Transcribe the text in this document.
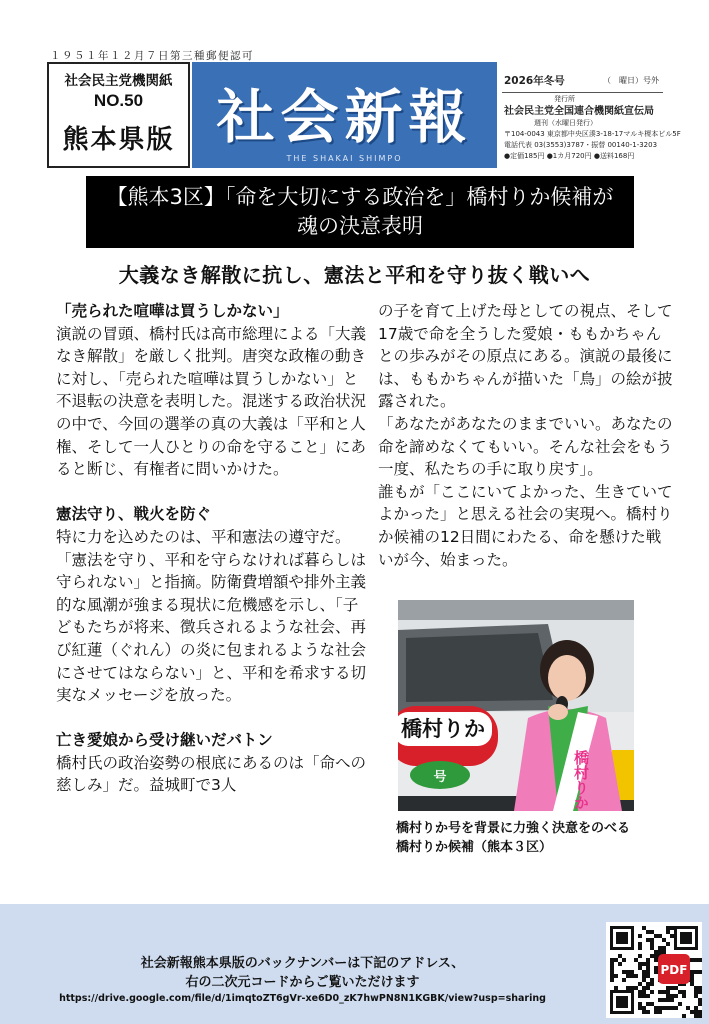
１９５１年１２月７日第三種郵便認可
社会民主党機関紙
NO.50
熊本県版 社会新報
THE SHAKAI SHIMPO
2026年冬号	（　曜日）号外
発行所
社会民主党全国連合機関紙宣伝局
週刊（水曜日発行）
〒104-0043 東京都中央区湊3-18-17マルキ榎本ビル5F
電話代表 03(3553)3787・振替 00140-1-3203
●定価185円 ●1カ月720円 ●送料168円
【熊本3区】「命を大切にする政治を」橋村りか候補が
魂の決意表明
大義なき解散に抗し、憲法と平和を守り抜く戦いへ
「売られた喧嘩は買うしかない」

演説の冒頭、橋村氏は高市総理による「大義なき解散」を厳しく批判。唐突な政権の動きに対し、「売られた喧嘩は買うしかない」と不退転の決意を表明した。混迷する政治状況の中で、今回の選挙の真の大義は「平和と人権、そして一人ひとりの命を守ること」にあると断じ、有権者に問いかけた。

憲法守り、戦火を防ぐ

特に力を込めたのは、平和憲法の遵守だ。「憲法を守り、平和を守らなければ暮らしは守られない」と指摘。防衛費増額や排外主義的な風潮が強まる現状に危機感を示し、「子どもたちが将来、徴兵されるような社会、再び紅蓮（ぐれん）の炎に包まれるような社会にさせてはならない」と、平和を希求する切実なメッセージを放った。

亡き愛娘から受け継いだバトン

橋村氏の政治姿勢の根底にあるのは「命への慈しみ」だ。益城町で3人

の子を育て上げた母としての視点、そして17歳で命を全うした愛娘・ももかちゃんとの歩みがその原点にある。演説の最後には、ももかちゃんが描いた「鳥」の絵が披露された。

「あなたがあなたのままでいい。あなたの命を諦めなくてもいい。そんな社会をもう一度、私たちの手に取り戻す」。

誰もが「ここにいてよかった、生きていてよかった」と思える社会の実現へ。橋村りか候補の12日間にわたる、命を懸けた戦いが今、始まった。

橋村りか
号	橋村りか
橋村りか号を背景に力強く決意をのべる
橋村りか候補（熊本３区）
社会新報熊本県版のバックナンバーは下記のアドレス、
右の二次元コードからご覧いただけます
https://drive.google.com/file/d/1imqtoZT6gVr-xe6D0_zK7hwPN8N1KGBK/view?usp=sharing
PDF
